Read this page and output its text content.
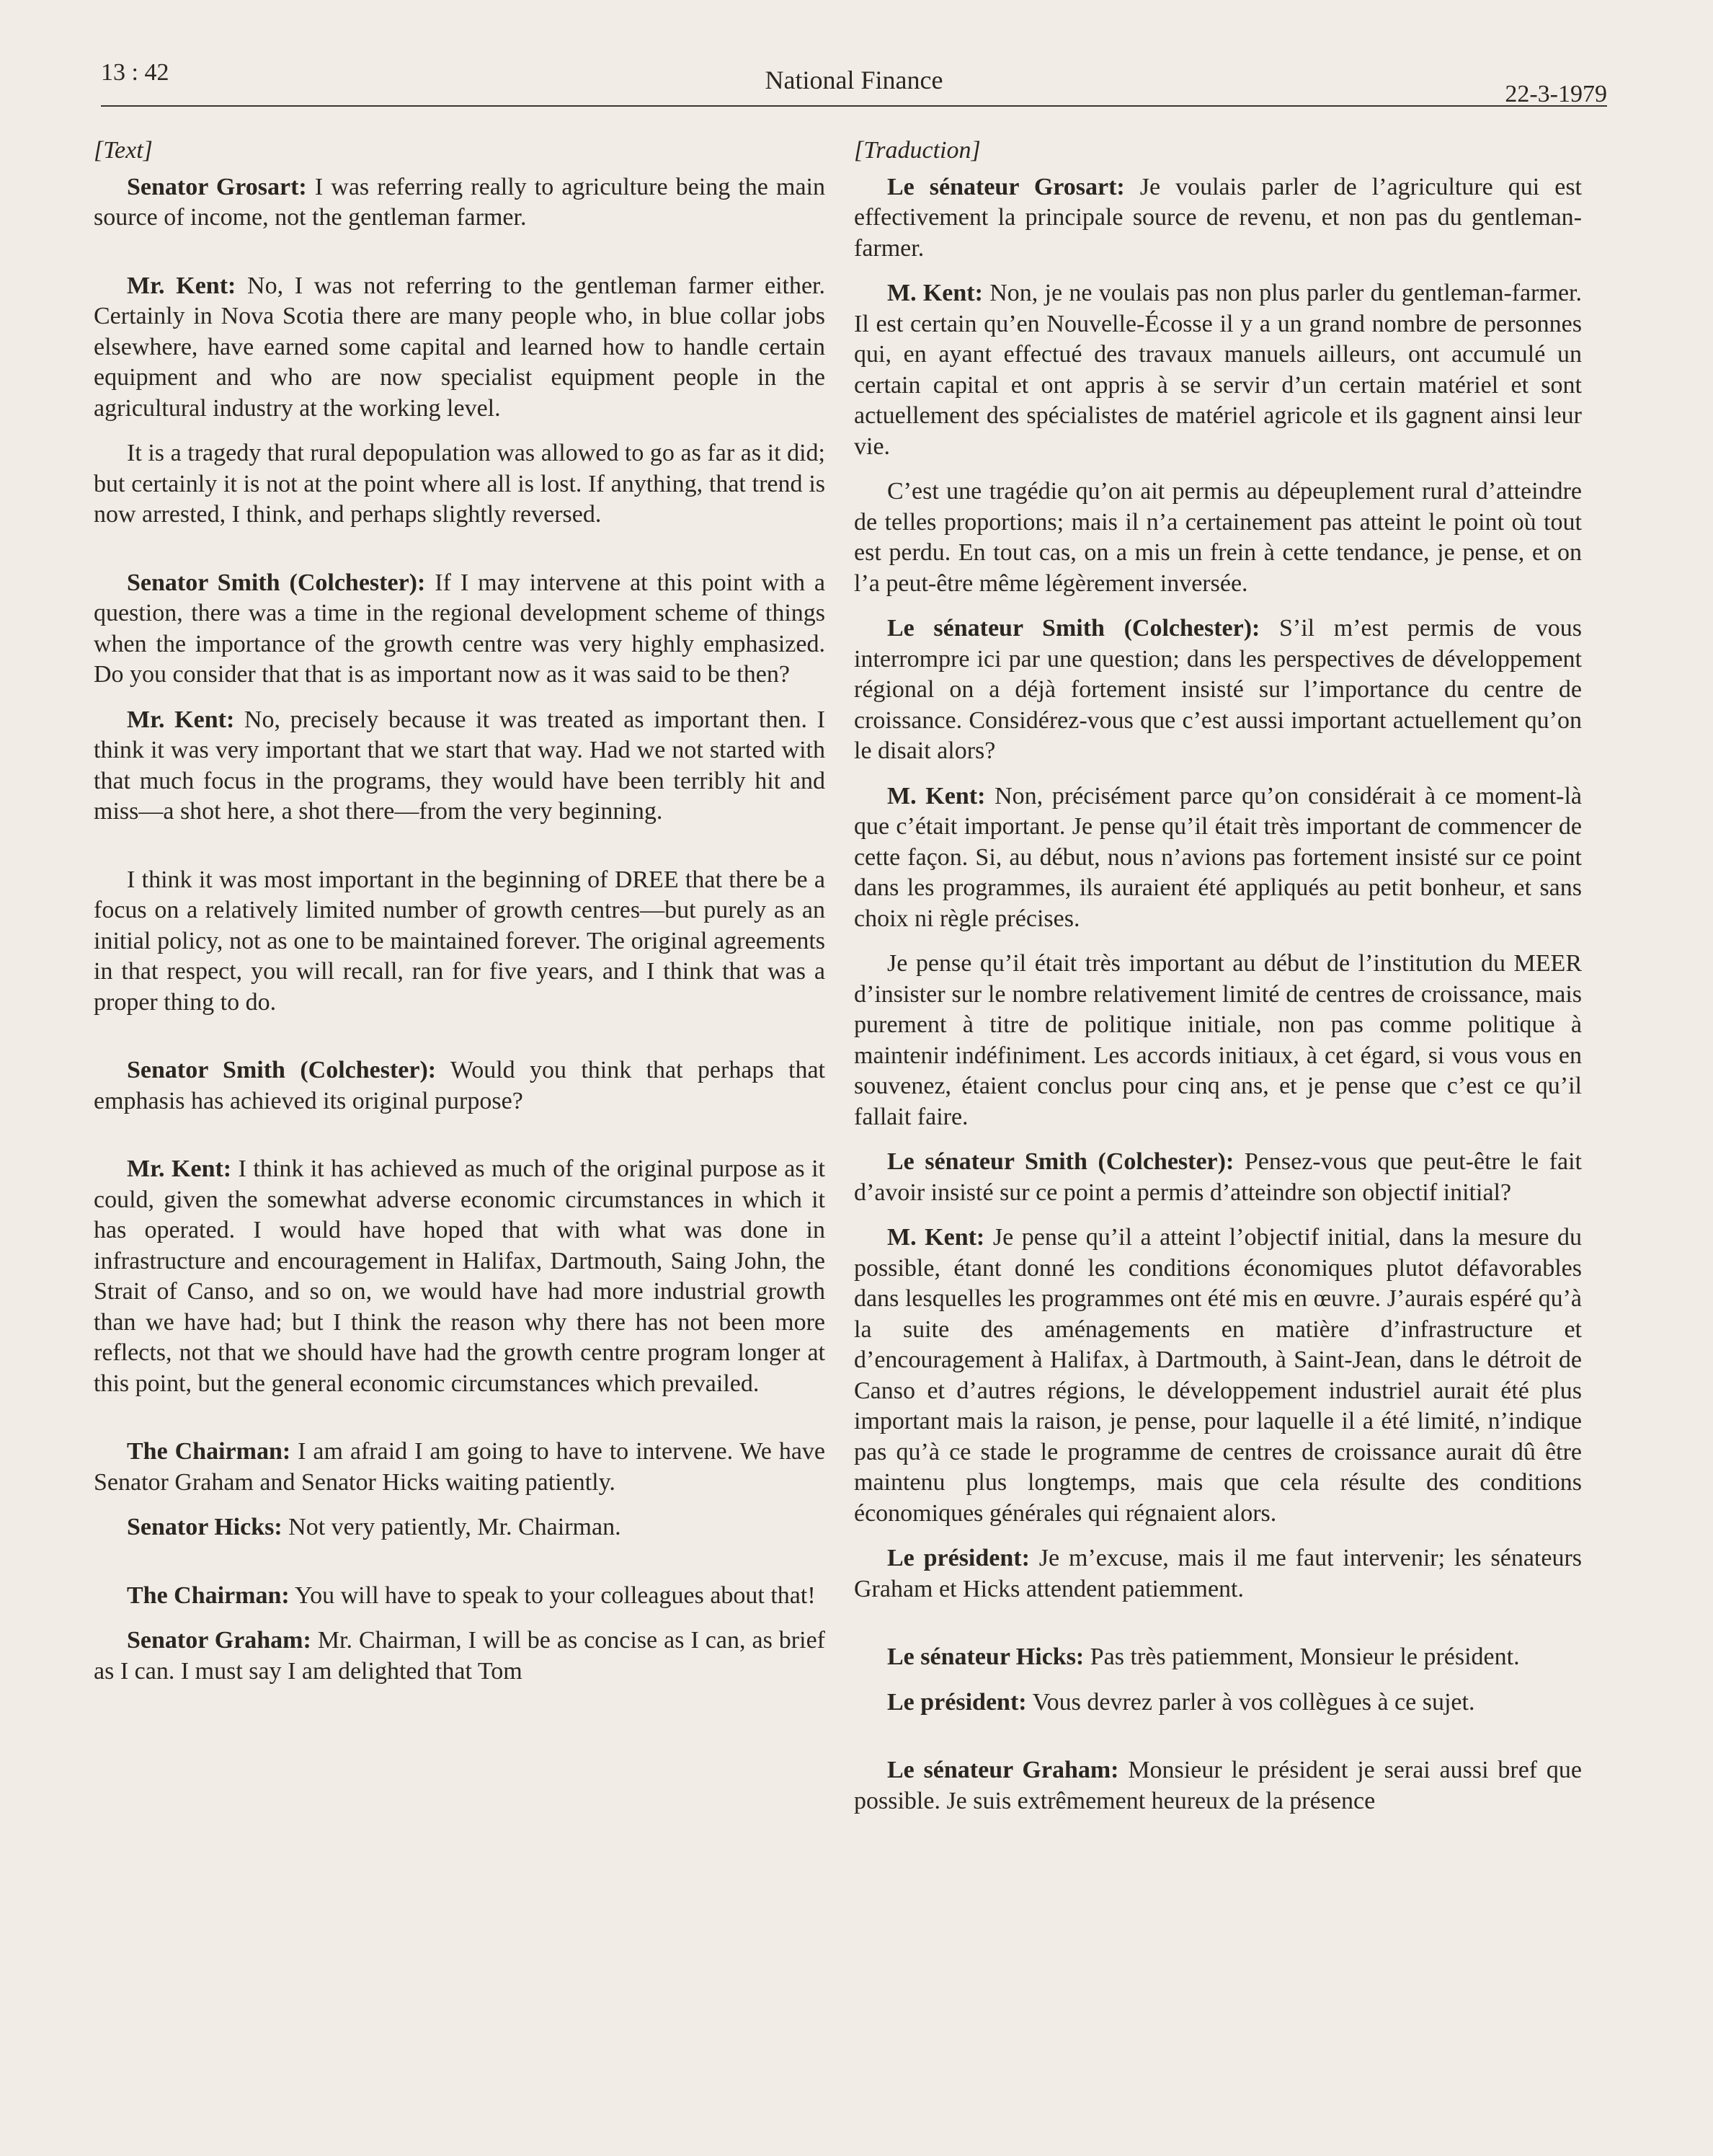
13 : 42	National Finance	22-3-1979
[Text]

Senator Grosart: I was referring really to agriculture being the main source of income, not the gentleman farmer.

Mr. Kent: No, I was not referring to the gentleman farmer either. Certainly in Nova Scotia there are many people who, in blue collar jobs elsewhere, have earned some capital and learned how to handle certain equipment and who are now specialist equipment people in the agricultural industry at the working level.

It is a tragedy that rural depopulation was allowed to go as far as it did; but certainly it is not at the point where all is lost. If anything, that trend is now arrested, I think, and perhaps slightly reversed.

Senator Smith (Colchester): If I may intervene at this point with a question, there was a time in the regional development scheme of things when the importance of the growth centre was very highly emphasized. Do you consider that that is as important now as it was said to be then?

Mr. Kent: No, precisely because it was treated as important then. I think it was very important that we start that way. Had we not started with that much focus in the programs, they would have been terribly hit and miss—a shot here, a shot there—from the very beginning.

I think it was most important in the beginning of DREE that there be a focus on a relatively limited number of growth centres—but purely as an initial policy, not as one to be maintained forever. The original agreements in that respect, you will recall, ran for five years, and I think that was a proper thing to do.

Senator Smith (Colchester): Would you think that perhaps that emphasis has achieved its original purpose?

Mr. Kent: I think it has achieved as much of the original purpose as it could, given the somewhat adverse economic circumstances in which it has operated. I would have hoped that with what was done in infrastructure and encouragement in Halifax, Dartmouth, Saing John, the Strait of Canso, and so on, we would have had more industrial growth than we have had; but I think the reason why there has not been more reflects, not that we should have had the growth centre program longer at this point, but the general economic circumstances which prevailed.

The Chairman: I am afraid I am going to have to intervene. We have Senator Graham and Senator Hicks waiting patiently.

Senator Hicks: Not very patiently, Mr. Chairman.

The Chairman: You will have to speak to your colleagues about that!

Senator Graham: Mr. Chairman, I will be as concise as I can, as brief as I can. I must say I am delighted that Tom

[Traduction]

Le sénateur Grosart: Je voulais parler de l’agriculture qui est effectivement la principale source de revenu, et non pas du gentleman-farmer.

M. Kent: Non, je ne voulais pas non plus parler du gentleman-farmer. Il est certain qu’en Nouvelle-Écosse il y a un grand nombre de personnes qui, en ayant effectué des travaux manuels ailleurs, ont accumulé un certain capital et ont appris à se servir d’un certain matériel et sont actuellement des spécialistes de matériel agricole et ils gagnent ainsi leur vie.

C’est une tragédie qu’on ait permis au dépeuplement rural d’atteindre de telles proportions; mais il n’a certainement pas atteint le point où tout est perdu. En tout cas, on a mis un frein à cette tendance, je pense, et on l’a peut-être même légèrement inversée.

Le sénateur Smith (Colchester): S’il m’est permis de vous interrompre ici par une question; dans les perspectives de développement régional on a déjà fortement insisté sur l’importance du centre de croissance. Considérez-vous que c’est aussi important actuellement qu’on le disait alors?

M. Kent: Non, précisément parce qu’on considérait à ce moment-là que c’était important. Je pense qu’il était très important de commencer de cette façon. Si, au début, nous n’avions pas fortement insisté sur ce point dans les programmes, ils auraient été appliqués au petit bonheur, et sans choix ni règle précises.

Je pense qu’il était très important au début de l’institution du MEER d’insister sur le nombre relativement limité de centres de croissance, mais purement à titre de politique initiale, non pas comme politique à maintenir indéfiniment. Les accords initiaux, à cet égard, si vous vous en souvenez, étaient conclus pour cinq ans, et je pense que c’est ce qu’il fallait faire.

Le sénateur Smith (Colchester): Pensez-vous que peut-être le fait d’avoir insisté sur ce point a permis d’atteindre son objectif initial?

M. Kent: Je pense qu’il a atteint l’objectif initial, dans la mesure du possible, étant donné les conditions économiques plutot défavorables dans lesquelles les programmes ont été mis en œuvre. J’aurais espéré qu’à la suite des aménagements en matière d’infrastructure et d’encouragement à Halifax, à Dartmouth, à Saint-Jean, dans le détroit de Canso et d’autres régions, le développement industriel aurait été plus important mais la raison, je pense, pour laquelle il a été limité, n’indique pas qu’à ce stade le programme de centres de croissance aurait dû être maintenu plus longtemps, mais que cela résulte des conditions économiques générales qui régnaient alors.

Le président: Je m’excuse, mais il me faut intervenir; les sénateurs Graham et Hicks attendent patiemment.

Le sénateur Hicks: Pas très patiemment, Monsieur le président.

Le président: Vous devrez parler à vos collègues à ce sujet.

Le sénateur Graham: Monsieur le président je serai aussi bref que possible. Je suis extrêmement heureux de la présence
